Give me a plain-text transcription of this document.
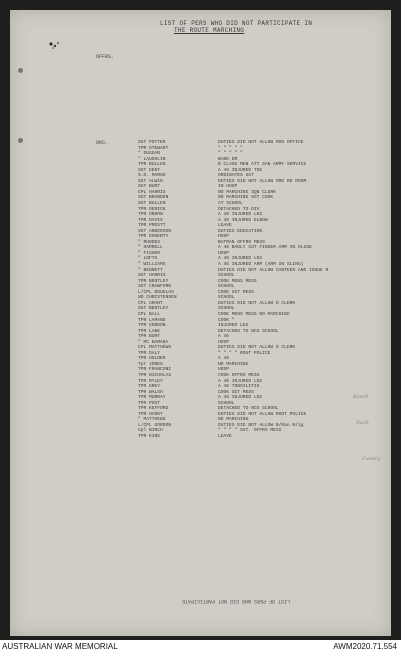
LIST OF PERS WHO DID NOT PARTICIPATE IN
THE ROUTE MARCHING
OFFRS.
ORS.	SGT POTTER	DUTIES DID NOT ALLOW ROO OFFICE
TPR STEWART	" " " " "
" DUGGAN	" " " " "
" LAUGHLIN	BAND DR
TPR BULLEN	B CLASS MEN ATT SAN ARMY SERVICE
SGT KENT	A 46 INJURED TOE
S.O. MARSH	ORDINATES SGT
SGT ALWIN	DUTIES DID NOT ALLOW ORD RD ROOM
SGT BURT	IN HOSP
CPL HARRIS	NO MARCHING SQN CLERK
SGT BRANDON	NO MARCHING SGT COOK
SGT BULLEN	AT SCHOOL
TPR DERICK	DETACHED TO DIV
TPR OBORN	A 46 INJURED LEG
TPR DAVIS	A 45 INJURED ELBOW
TPR PRESTT	LEAVE
SGT ANDERSON	DUTIES EDUCATION
TPR DOHERTY	HOSP
" RHODES	BATMAN OFFRS MESS
" HARRELL	A 46 BADLY CUT FINGER ARM IN SLING
" FISHER	HOSP
" LOFTS	A 46 INJURED LEG
" WILLIAMS	A 46 INJURED ARM (ARM IN SLING)
" BENNETT	DUTIES DID NOT ALLOW CANTEEN AND ISSUE R
SGT HARRIS	SCHOOL
TPR BENTLEY	COOK MENS MESS
SGT CRAWFORD	SCHOOL
L/CPL DOUGLAS	COOK SGT MESS
NO CHRISTENSEN	SCHOOL
CPL GRANT	DUTIES DID NOT ALLOW O CLERK
SGT BENTLEY	SCHOOL
CPL BALL	COOK MENS MESS NO MARCHING
TPR LAMAND	COOK "
TPR GORDON	INJURED LEG
TPR LANE	DETACHED TO NCO SCHOOL
TPR BURT	A 46
" MC NAMARA	HOSP
CPL MATTHEWS	DUTIES DID NOT ALLOW O CLERK
TPR DALY	" " " " ROUT POLICE
TPR HOLDER	A 46
Tpr JONES	NO MARCHING
TPR FRANCONI	HOSP
TPR NICHOLAS	COOK OFFRS MESS
TPR RYLEY	A 46 INJURED LEG
TPR GREY	A 46 TONSILITIS
TPR WALSH	COOK SGT MESS
TPR MURRAY	A 46 INJURED LEG
TPR POST	SCHOOL
TPR KEFFORD	DETACHED TO NCO SCHOOL
TPR HARDY	DUTIES DID NOT ALLOW ROOT POLICE
" MATTHEWS	NO MARCHING
L/CPL GORDON	DUTIES DID NOT ALLOW B/Man Brig
Cpl BIRCH	" " " " SGT. OFFRS MESS
TPR KING	LEAVE
Board
Duck
Canary
LIST OF PERS WHO DID NOT PARTICIPATE
AUSTRALIAN WAR MEMORIAL	AWM2020.71.554
